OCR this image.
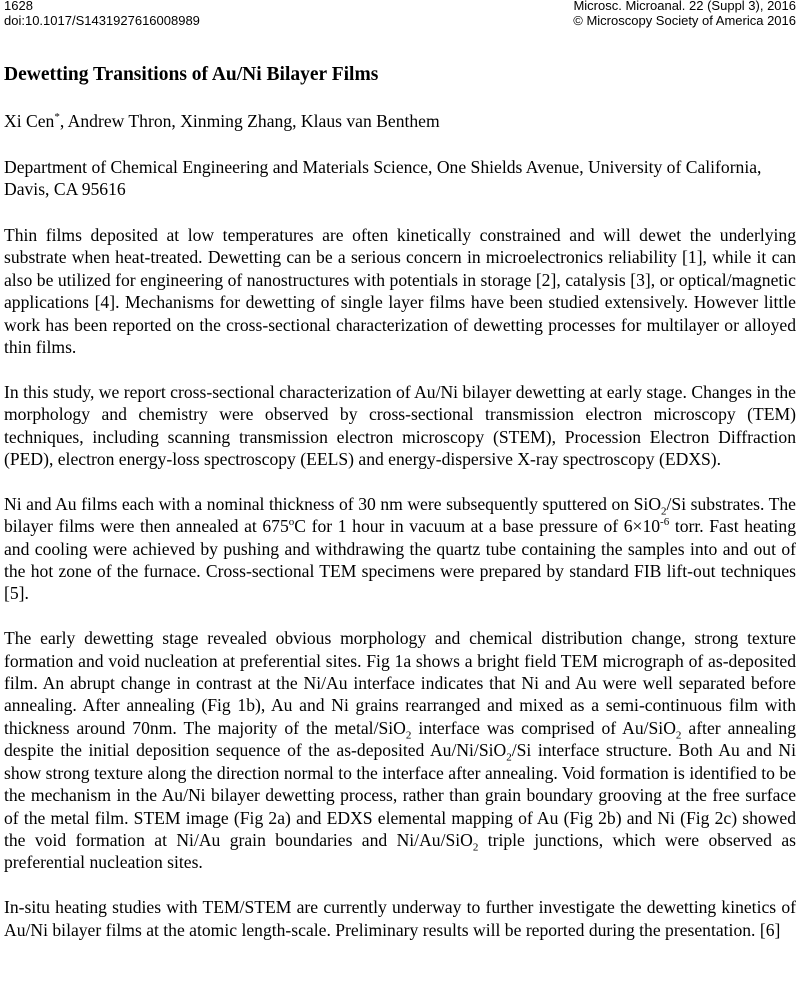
1628	Microsc. Microanal. 22 (Suppl 3), 2016
doi:10.1017/S1431927616008989	© Microscopy Society of America 2016
Dewetting Transitions of Au/Ni Bilayer Films
Xi Cen*, Andrew Thron, Xinming Zhang, Klaus van Benthem
Department of Chemical Engineering and Materials Science, One Shields Avenue, University of California, Davis, CA 95616

Thin films deposited at low temperatures are often kinetically constrained and will dewet the underlying substrate when heat-treated. Dewetting can be a serious concern in microelectronics reliability [1], while it can also be utilized for engineering of nanostructures with potentials in storage [2], catalysis [3], or optical/magnetic applications [4]. Mechanisms for dewetting of single layer films have been studied extensively. However little work has been reported on the cross-sectional characterization of dewetting processes for multilayer or alloyed thin films.

In this study, we report cross-sectional characterization of Au/Ni bilayer dewetting at early stage. Changes in the morphology and chemistry were observed by cross-sectional transmission electron microscopy (TEM) techniques, including scanning transmission electron microscopy (STEM), Procession Electron Diffraction (PED), electron energy-loss spectroscopy (EELS) and energy-dispersive X-ray spectroscopy (EDXS).

Ni and Au films each with a nominal thickness of 30 nm were subsequently sputtered on SiO$_2$/Si substrates. The bilayer films were then annealed at 675$^o$C for 1 hour in vacuum at a base pressure of $6\times 10^{-6}$ torr. Fast heating and cooling were achieved by pushing and withdrawing the quartz tube containing the samples into and out of the hot zone of the furnace. Cross-sectional TEM specimens were prepared by standard FIB lift-out techniques [5].

The early dewetting stage revealed obvious morphology and chemical distribution change, strong texture formation and void nucleation at preferential sites. Fig 1a shows a bright field TEM micrograph of as-deposited film. An abrupt change in contrast at the Ni/Au interface indicates that Ni and Au were well separated before annealing. After annealing (Fig 1b), Au and Ni grains rearranged and mixed as a semi-continuous film with thickness around 70nm. The majority of the metal/SiO$_2$ interface was comprised of Au/SiO$_2$ after annealing despite the initial deposition sequence of the as-deposited Au/Ni/SiO$_2$/Si interface structure. Both Au and Ni show strong texture along the direction normal to the interface after annealing. Void formation is identified to be the mechanism in the Au/Ni bilayer dewetting process, rather than grain boundary grooving at the free surface of the metal film. STEM image (Fig 2a) and EDXS elemental mapping of Au (Fig 2b) and Ni (Fig 2c) showed the void formation at Ni/Au grain boundaries and Ni/Au/SiO$_2$ triple junctions, which were observed as preferential nucleation sites.

In-situ heating studies with TEM/STEM are currently underway to further investigate the dewetting kinetics of Au/Ni bilayer films at the atomic length-scale. Preliminary results will be reported during the presentation. [6]
